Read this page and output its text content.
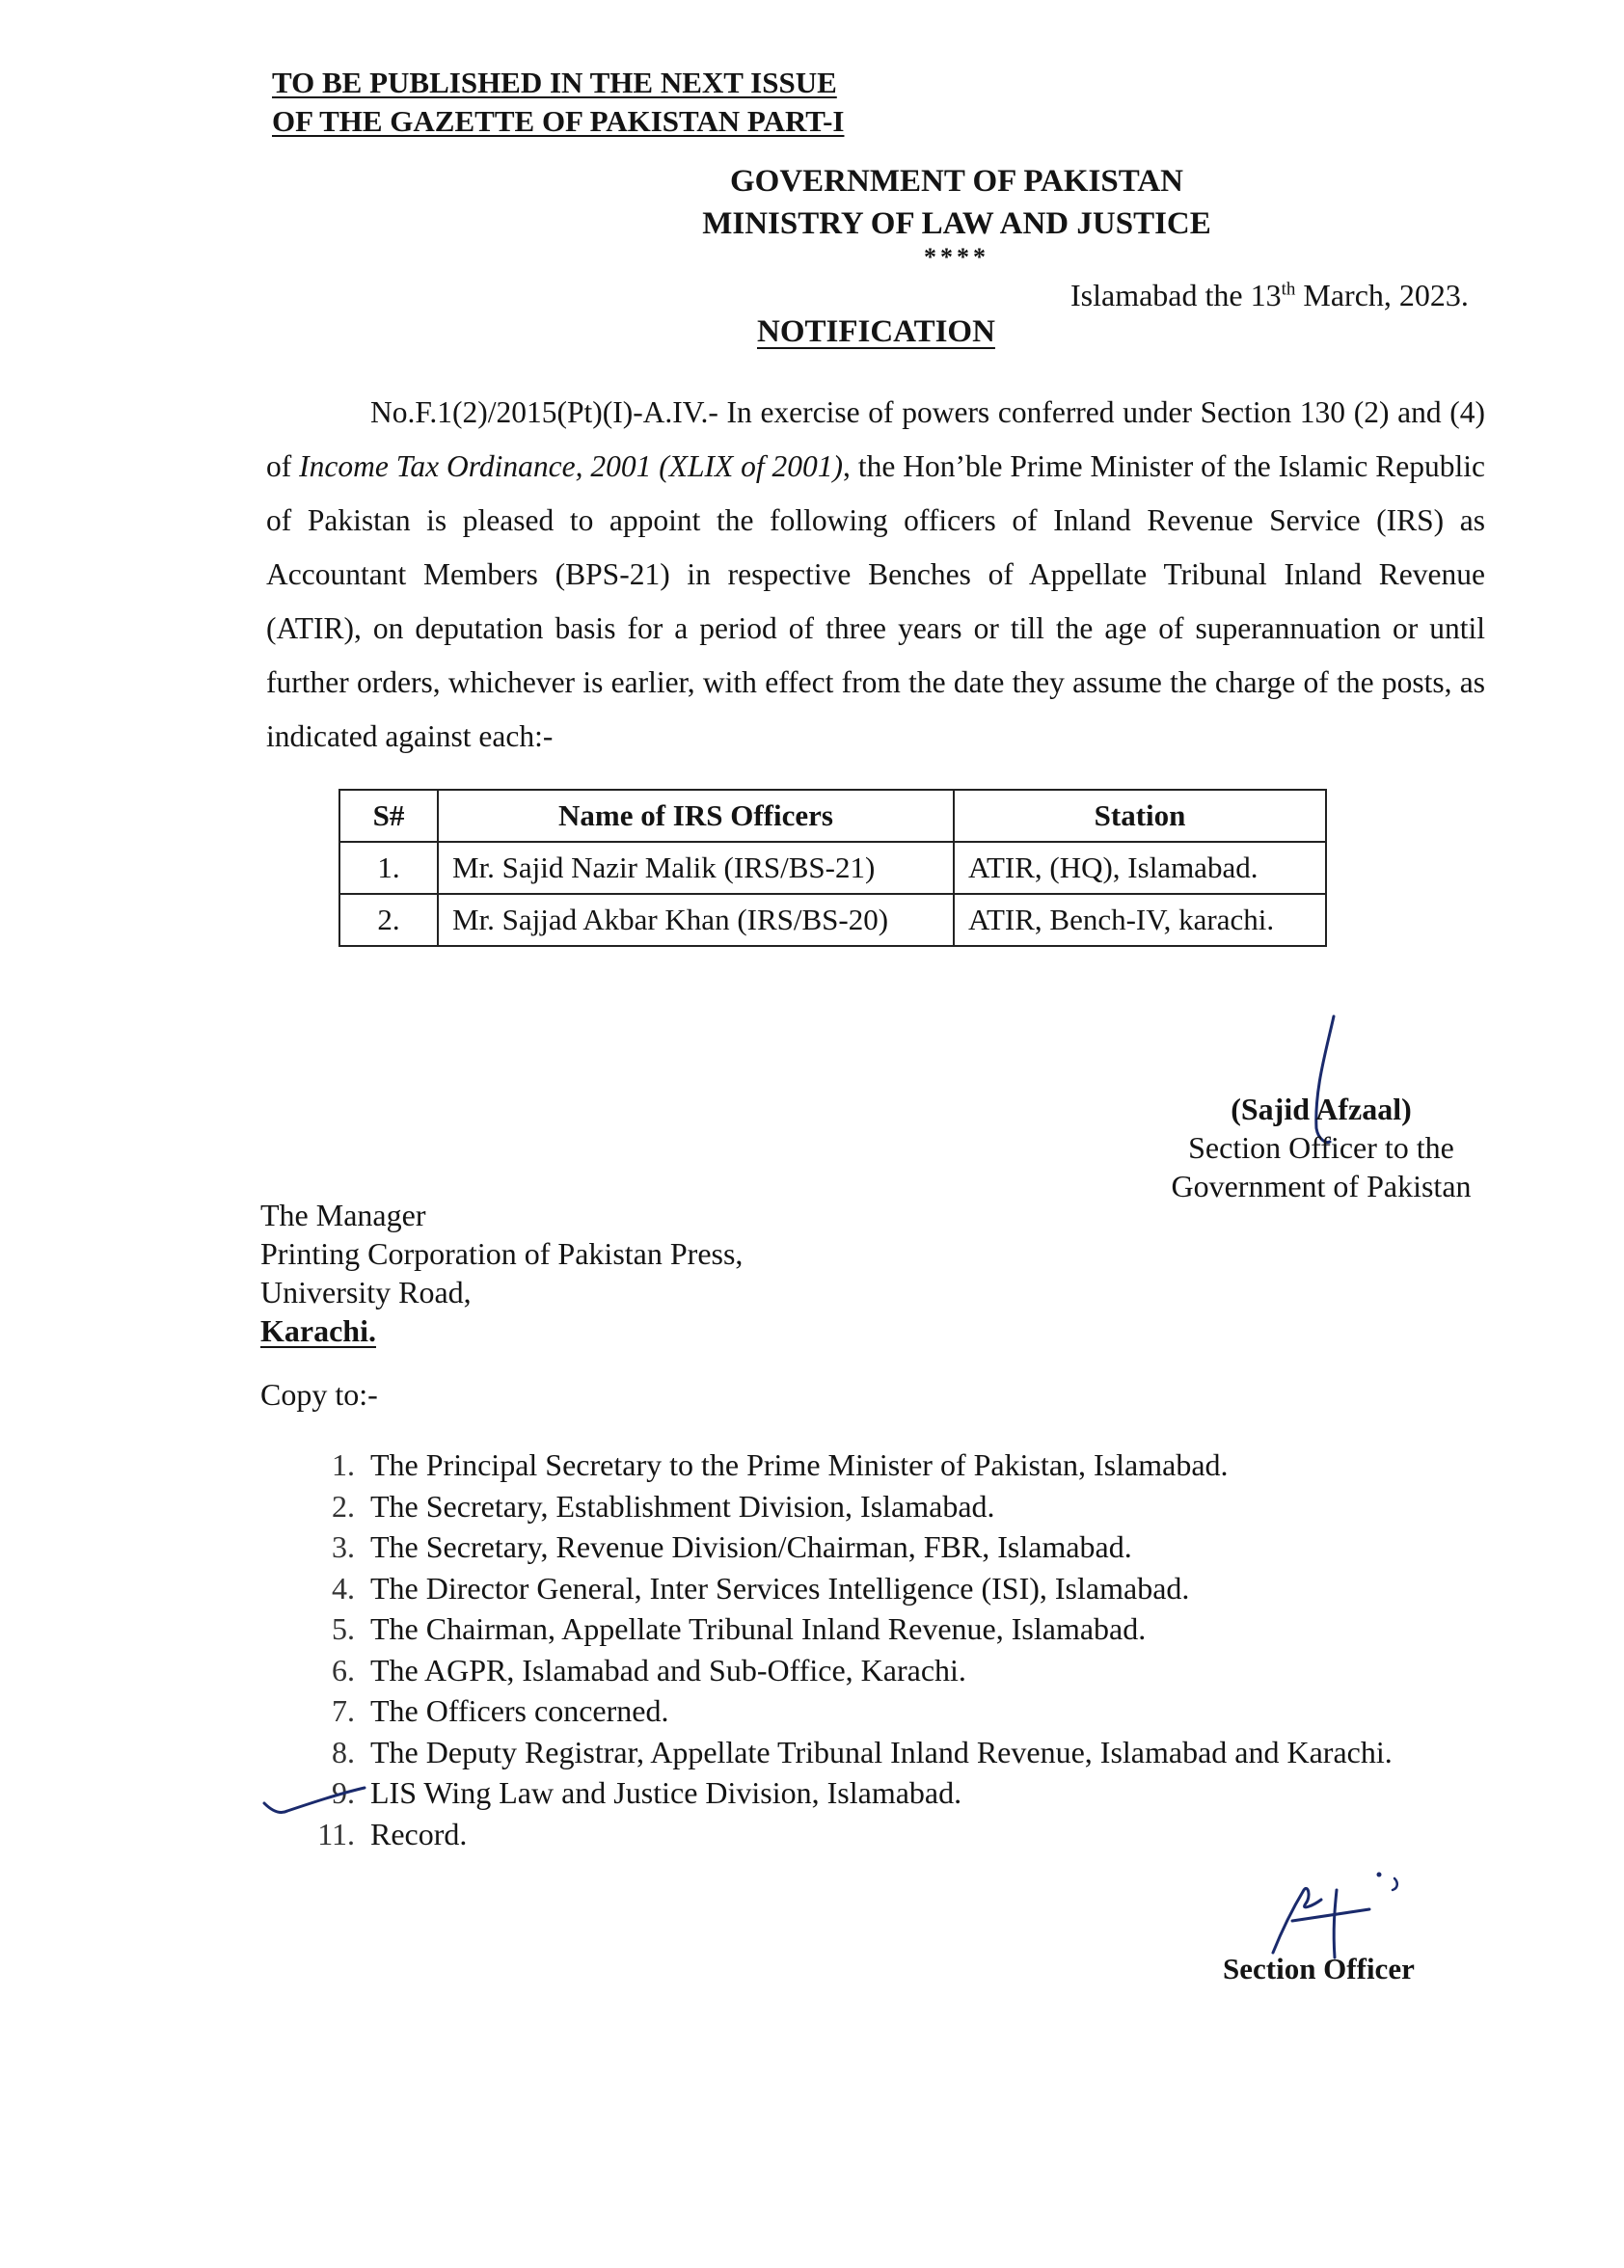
TO BE PUBLISHED IN THE NEXT ISSUE
OF THE GAZETTE OF PAKISTAN PART-I
GOVERNMENT OF PAKISTAN
MINISTRY OF LAW AND JUSTICE
****
Islamabad the 13th March, 2023.
NOTIFICATION
No.F.1(2)/2015(Pt)(I)-A.IV.- In exercise of powers conferred under Section 130 (2) and (4) of Income Tax Ordinance, 2001 (XLIX of 2001), the Hon’ble Prime Minister of the Islamic Republic of Pakistan is pleased to appoint the following officers of Inland Revenue Service (IRS) as Accountant Members (BPS-21) in respective Benches of Appellate Tribunal Inland Revenue (ATIR), on deputation basis for a period of three years or till the age of superannuation or until further orders, whichever is earlier, with effect from the date they assume the charge of the posts, as indicated against each:-
S#	Name of IRS Officers	Station
1.	Mr. Sajid Nazir Malik (IRS/BS-21)	ATIR, (HQ), Islamabad.
2.	Mr. Sajjad Akbar Khan (IRS/BS-20)	ATIR, Bench-IV, karachi.
(Sajid Afzaal)
Section Officer to the
Government of Pakistan
The Manager
Printing Corporation of Pakistan Press,
University Road,
Karachi.
Copy to:-
1. The Principal Secretary to the Prime Minister of Pakistan, Islamabad.
2. The Secretary, Establishment Division, Islamabad.
3. The Secretary, Revenue Division/Chairman, FBR, Islamabad.
4. The Director General, Inter Services Intelligence (ISI), Islamabad.
5. The Chairman, Appellate Tribunal Inland Revenue, Islamabad.
6. The AGPR, Islamabad and Sub-Office, Karachi.
7. The Officers concerned.
8. The Deputy Registrar, Appellate Tribunal Inland Revenue, Islamabad and Karachi.
9. LIS Wing Law and Justice Division, Islamabad.
11. Record.
Section Officer
